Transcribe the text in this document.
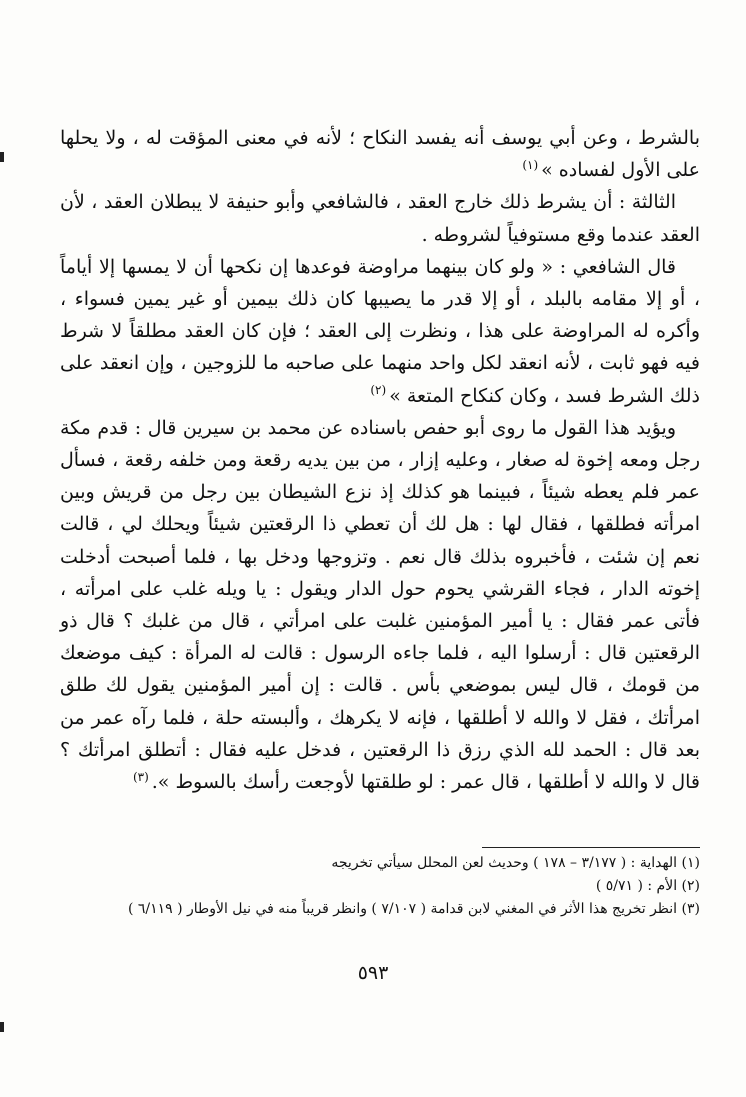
بالشرط ، وعن أبي يوسف أنه يفسد النكاح ؛ لأنه في معنى المؤقت له ، ولا يحلها على الأول لفساده »$^{(١)}$

الثالثة : أن يشرط ذلك خارج العقد ، فالشافعي وأبو حنيفة لا يبطلان العقد ، لأن العقد عندما وقع مستوفياً لشروطه .

قال الشافعي : « ولو كان بينهما مراوضة فوعدها إن نكحها أن لا يمسها إلا أياماً ، أو إلا مقامه بالبلد ، أو إلا قدر ما يصيبها كان ذلك بيمين أو غير يمين فسواء ، وأكره له المراوضة على هذا ، ونظرت إلى العقد ؛ فإن كان العقد مطلقاً لا شرط فيه فهو ثابت ، لأنه انعقد لكل واحد منهما على صاحبه ما للزوجين ، وإن انعقد على ذلك الشرط فسد ، وكان كنكاح المتعة »$^{(٢)}$

ويؤيد هذا القول ما روى أبو حفص باسناده عن محمد بن سيرين قال : قدم مكة رجل ومعه إخوة له صغار ، وعليه إزار ، من بين يديه رقعة ومن خلفه رقعة ، فسأل عمر فلم يعطه شيئاً ، فبينما هو كذلك إذ نزع الشيطان بين رجل من قريش وبين امرأته فطلقها ، فقال لها : هل لك أن تعطي ذا الرقعتين شيئاً ويحلك لي ، قالت نعم إن شئت ، فأخبروه بذلك قال نعم . وتزوجها ودخل بها ، فلما أصبحت أدخلت إخوته الدار ، فجاء القرشي يحوم حول الدار ويقول : يا ويله غلب على امرأته ، فأتى عمر فقال : يا أمير المؤمنين غلبت على امرأتي ، قال من غلبك ؟ قال ذو الرقعتين قال : أرسلوا اليه ، فلما جاءه الرسول : قالت له المرأة : كيف موضعك من قومك ، قال ليس بموضعي بأس . قالت : إن أمير المؤمنين يقول لك طلق امرأتك ، فقل لا والله لا أطلقها ، فإنه لا يكرهك ، وألبسته حلة ، فلما رآه عمر من بعد قال : الحمد لله الذي رزق ذا الرقعتين ، فدخل عليه فقال : أتطلق امرأتك ؟ قال لا والله لا أطلقها ، قال عمر : لو طلقتها لأوجعت رأسك بالسوط ».$^{(٣)}$

(١) الهداية : ( ٣/١٧٧ – ١٧٨ ) وحديث لعن المحلل سيأتي تخريجه

(٢) الأم : ( ٥/٧١ )

(٣) انظر تخريج هذا الأثر في المغني لابن قدامة ( ٧/١٠٧ ) وانظر قريباً منه في نيل الأوطار ( ٦/١١٩ )

٥٩٣
